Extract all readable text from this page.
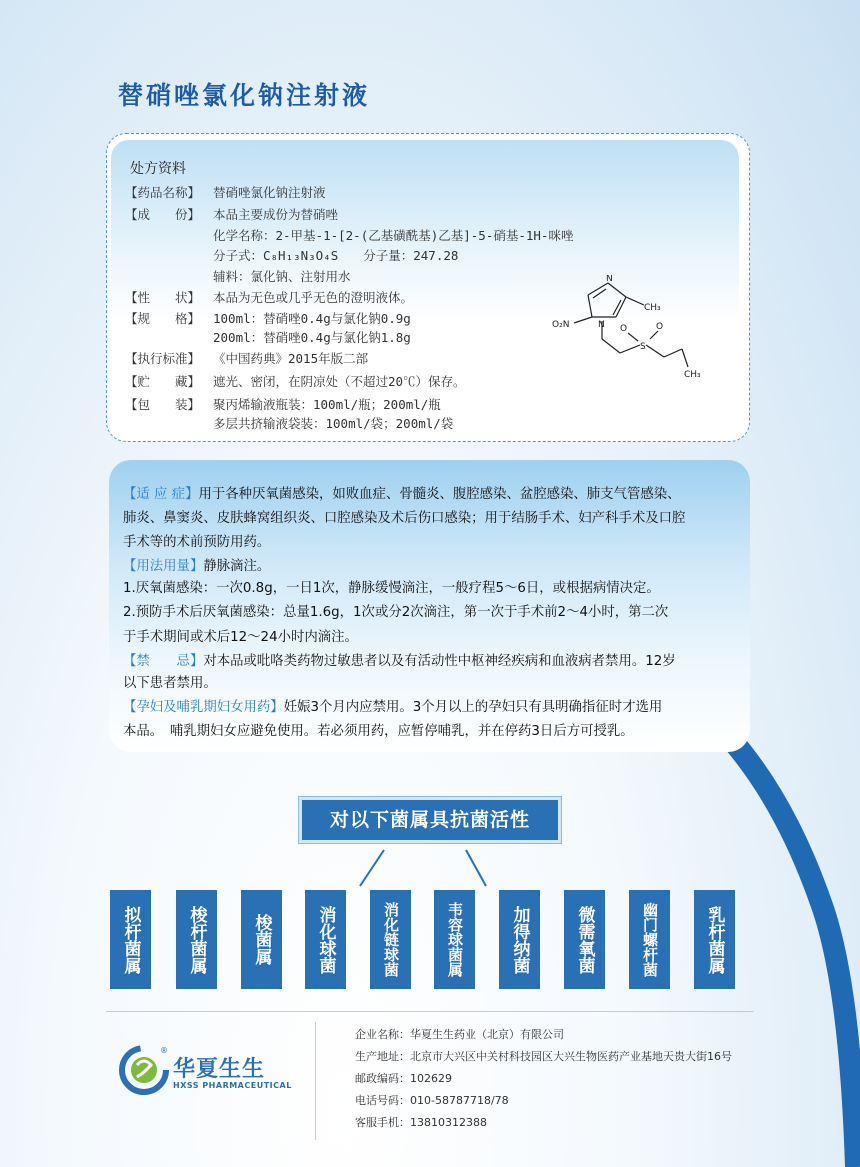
替硝唑氯化钠注射液
处方资料
【药品名称】 替硝唑氯化钠注射液
【成　　份】 本品主要成份为替硝唑
化学名称：2-甲基-1-[2-(乙基磺酰基)乙基]-5-硝基-1H-咪唑
分子式：C₈H₁₃N₃O₄S　　分子量：247.28
辅料：氯化钠、注射用水
【性　　状】 本品为无色或几乎无色的澄明液体。
【规　　格】 100ml：替硝唑0.4g与氯化钠0.9g
200ml：替硝唑0.4g与氯化钠1.8g
【执行标准】 《中国药典》2015年版二部
【贮　　藏】 遮光、密闭，在阴凉处（不超过20℃）保存。
【包　　装】 聚丙烯输液瓶装：100ml/瓶；200ml/瓶
多层共挤输液袋装：100ml/袋；200ml/袋
N
N
CH₃
O₂N
S
O	O
CH₃
【适 应 症】用于各种厌氧菌感染，如败血症、骨髓炎、腹腔感染、盆腔感染、肺支气管感染、
肺炎、鼻窦炎、皮肤蜂窝组织炎、口腔感染及术后伤口感染；用于结肠手术、妇产科手术及口腔
手术等的术前预防用药。
【用法用量】静脉滴注。
1.厌氧菌感染：一次0.8g，一日1次，静脉缓慢滴注，一般疗程5～6日，或根据病情决定。
2.预防手术后厌氧菌感染：总量1.6g，1次或分2次滴注，第一次于手术前2～4小时，第二次
于手术期间或术后12～24小时内滴注。
【禁　　忌】对本品或吡咯类药物过敏患者以及有活动性中枢神经疾病和血液病者禁用。12岁
以下患者禁用。
【孕妇及哺乳期妇女用药】妊娠3个月内应禁用。3个月以上的孕妇只有具明确指征时才选用
本品。　哺乳期妇女应避免使用。若必须用药，应暂停哺乳，并在停药3日后方可授乳。
对以下菌属具抗菌活性
拟杆菌属	梭杆菌属	梭菌属	消化球菌	消化链球菌	韦容球菌属	加得纳菌	微需氧菌	幽门螺杆菌	乳杆菌属
®
华夏生生
HXSS PHARMACEUTICAL
企业名称：华夏生生药业（北京）有限公司
生产地址：北京市大兴区中关村科技园区大兴生物医药产业基地天贵大街16号
邮政编码：102629
电话号码：010-58787718/78
客服手机：13810312388
